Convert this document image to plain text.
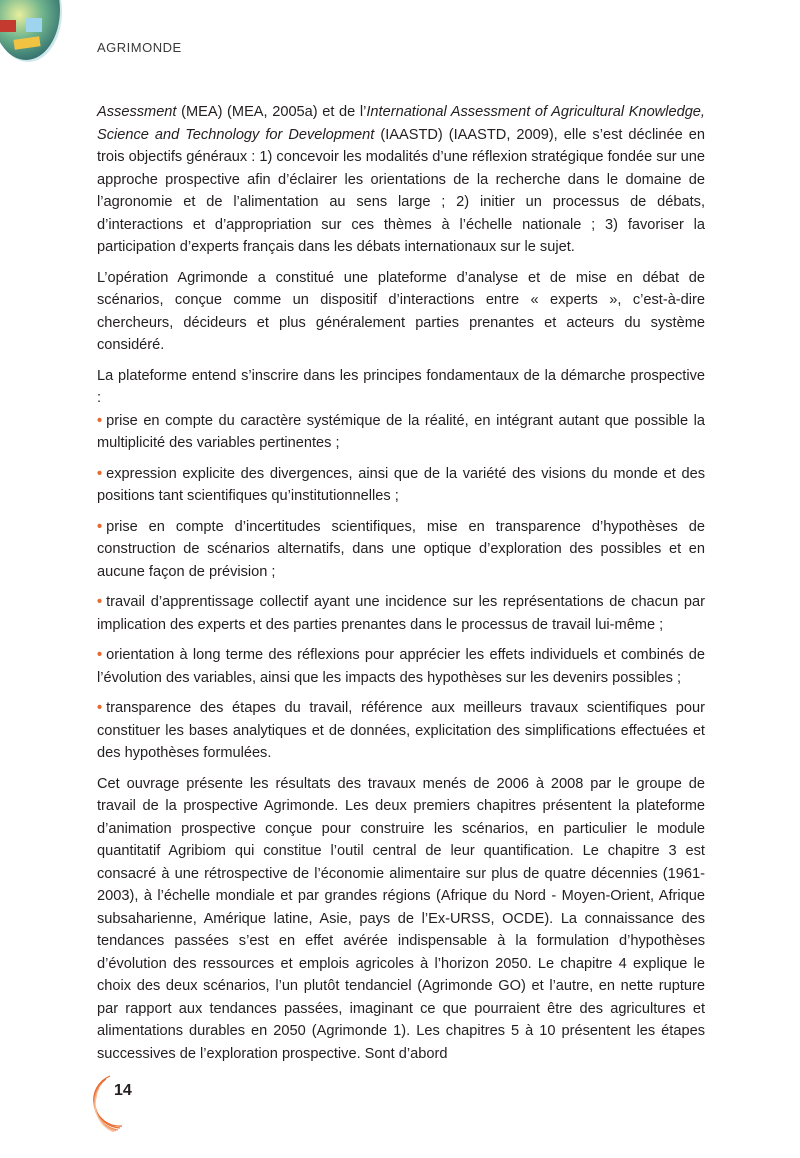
AGRIMONDE

Assessment (MEA) (MEA, 2005a) et de l’International Assessment of Agricultural Knowledge, Science and Technology for Development (IAASTD) (IAASTD, 2009), elle s’est déclinée en trois objectifs généraux : 1) concevoir les modalités d’une réflexion stratégique fondée sur une approche prospective afin d’éclairer les orientations de la recherche dans le domaine de l’agronomie et de l’alimentation au sens large ; 2) initier un processus de débats, d’interactions et d’appropriation sur ces thèmes à l’échelle nationale ; 3) favoriser la participation d’experts français dans les débats internationaux sur le sujet.

L’opération Agrimonde a constitué une plateforme d’analyse et de mise en débat de scénarios, conçue comme un dispositif d’interactions entre « experts », c’est-à-dire chercheurs, décideurs et plus généralement parties prenantes et acteurs du système considéré.

La plateforme entend s’inscrire dans les principes fondamentaux de la démarche prospective :

• prise en compte du caractère systémique de la réalité, en intégrant autant que possible la multiplicité des variables pertinentes ;

• expression explicite des divergences, ainsi que de la variété des visions du monde et des positions tant scientifiques qu’institutionnelles ;

• prise en compte d’incertitudes scientifiques, mise en transparence d’hypothèses de construction de scénarios alternatifs, dans une optique d’exploration des possibles et en aucune façon de prévision ;

• travail d’apprentissage collectif ayant une incidence sur les représentations de chacun par implication des experts et des parties prenantes dans le processus de travail lui-même ;

• orientation à long terme des réflexions pour apprécier les effets individuels et combinés de l’évolution des variables, ainsi que les impacts des hypothèses sur les devenirs possibles ;

• transparence des étapes du travail, référence aux meilleurs travaux scientifiques pour constituer les bases analytiques et de données, explicitation des simplifications effectuées et des hypothèses formulées.

Cet ouvrage présente les résultats des travaux menés de 2006 à 2008 par le groupe de travail de la prospective Agrimonde. Les deux premiers chapitres présentent la plateforme d’animation prospective conçue pour construire les scénarios, en particulier le module quantitatif Agribiom qui constitue l’outil central de leur quantification. Le chapitre 3 est consacré à une rétrospective de l’économie alimentaire sur plus de quatre décennies (1961-2003), à l’échelle mondiale et par grandes régions (Afrique du Nord - Moyen-Orient, Afrique subsaharienne, Amérique latine, Asie, pays de l’Ex-URSS, OCDE). La connaissance des tendances passées s’est en effet avérée indispensable à la formulation d’hypothèses d’évolution des ressources et emplois agricoles à l’horizon 2050. Le chapitre 4 explique le choix des deux scénarios, l’un plutôt tendanciel (Agrimonde GO) et l’autre, en nette rupture par rapport aux tendances passées, imaginant ce que pourraient être des agricultures et alimentations durables en 2050 (Agrimonde 1). Les chapitres 5 à 10 présentent les étapes successives de l’exploration prospective. Sont d’abord

14
